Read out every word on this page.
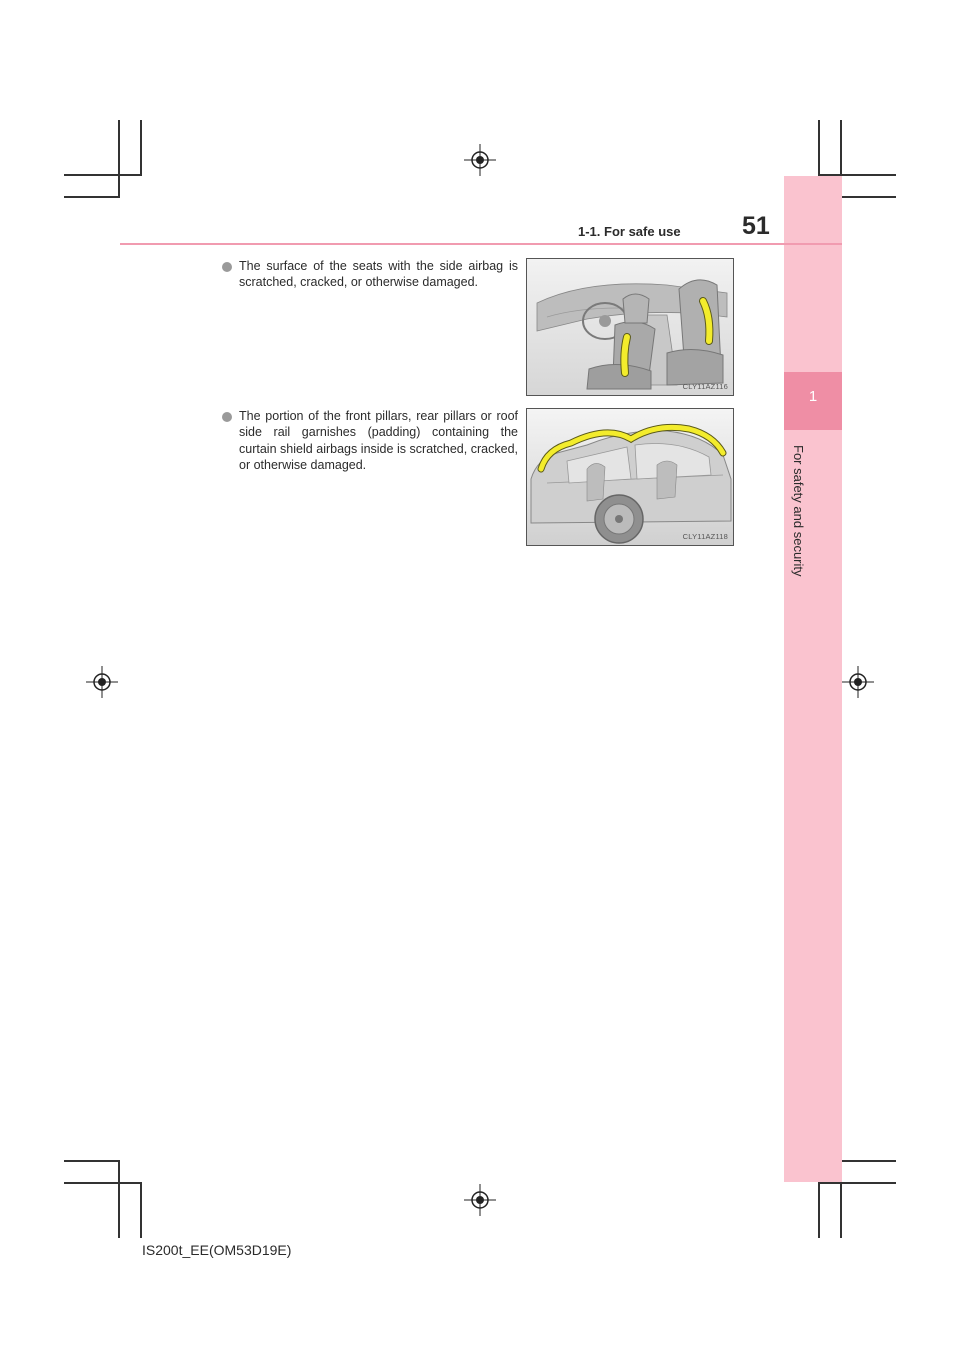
1
For safety and security
1-1. For safe use 51
The surface of the seats with the side airbag is scratched, cracked, or otherwise damaged.
CLY11AZ116
The portion of the front pillars, rear pillars or roof side rail garnishes (padding) containing the curtain shield airbags inside is scratched, cracked, or otherwise damaged.
CLY11AZ118
IS200t_EE(OM53D19E)
